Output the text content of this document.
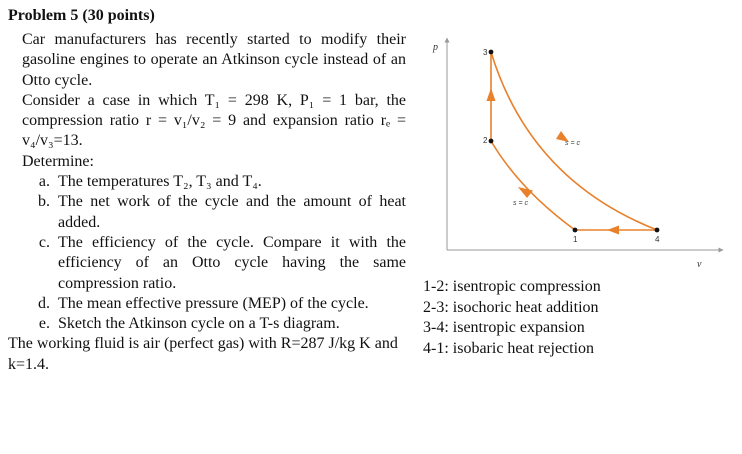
Problem 5 (30 points)

Car manufacturers has recently started to modify their gasoline engines to operate an Atkinson cycle instead of an Otto cycle.

Consider a case in which T₁ = 298 K, P₁ = 1 bar, the compression ratio r = v₁/v₂ = 9 and expansion ratio rₑ = v₄/v₃=13.

Determine:

a. The temperatures T₂, T₃ and T₄.
b. The net work of the cycle and the amount of heat added.
c. The efficiency of the cycle. Compare it with the efficiency of an Otto cycle having the same compression ratio.
d. The mean effective pressure (MEP) of the cycle.
e. Sketch the Atkinson cycle on a T-s diagram.

The working fluid is air (perfect gas) with R=287 J/kg K and k=1.4.

p
v
3
2
1	4
s = c
s = c
1-2: isentropic compression
2-3: isochoric heat addition
3-4: isentropic expansion
4-1: isobaric heat rejection
